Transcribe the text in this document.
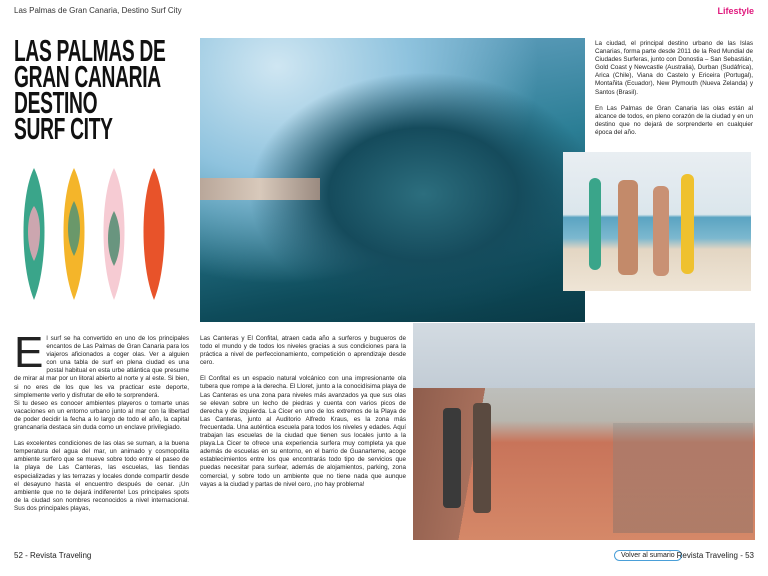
Las Palmas de Gran Canaria, Destino Surf City	Lifestyle
LAS PALMAS DE
GRAN CANARIA
DESTINO
SURF CITY

La ciudad, el principal destino urbano de las Islas Canarias, forma parte desde 2011 de la Red Mundial de Ciudades Surferas, junto con Donostia – San Sebastián, Gold Coast y Newcastle (Australia), Durban (Sudáfrica), Arica (Chile), Viana do Castelo y Ericeira (Portugal), Montañita (Ecuador), New Plymouth (Nueva Zelanda) y Santos (Brasil).

En Las Palmas de Gran Canaria las olas están al alcance de todos, en pleno corazón de la ciudad y en un destino que no dejará de sorprenderte en cualquier época del año.

El surf se ha convertido en uno de los principales encantos de Las Palmas de Gran Canaria para los viajeros aficionados a coger olas. Ver a alguien con una tabla de surf en plena ciudad es una postal habitual en esta urbe atlántica que presume de mirar al mar por un litoral abierto al norte y al este. Si bien, si no eres de los que les va practicar este deporte, simplemente verlo y disfrutar de ello te sorprenderá.
Si tu deseo es conocer ambientes playeros o tomarte unas vacaciones en un entorno urbano junto al mar con la libertad de poder decidir la fecha a lo largo de todo el año, la capital grancanaria destaca sin duda como un enclave privilegiado.

Las excelentes condiciones de las olas se suman, a la buena temperatura del agua del mar, un animado y cosmopolita ambiente surfero que se mueve sobre todo entre el paseo de la playa de Las Canteras, las escuelas, las tiendas especializadas y las terrazas y locales donde compartir desde el desayuno hasta el encuentro después de cenar. ¡Un ambiente que no te dejará indiferente! Los principales spots de la ciudad son nombres reconocidos a nivel internacional. Sus dos principales playas,

Las Canteras y El Confital, atraen cada año a surferos y bugueros de todo el mundo y de todos los niveles gracias a sus condiciones para la práctica a nivel de perfeccionamiento, competición o aprendizaje desde cero.

El Confital es un espacio natural volcánico con una impresionante ola tubera que rompe a la derecha. El Lloret, junto a la conocidísima playa de Las Canteras es una zona para niveles más avanzados ya que sus olas se elevan sobre un lecho de piedras y cuenta con varios picos de derecha y de izquierda. La Cicer en uno de los extremos de la Playa de Las Canteras, junto al Auditorio Alfredo Kraus, es la zona más frecuentada. Una auténtica escuela para todos los niveles y edades. Aquí trabajan las escuelas de la ciudad que tienen sus locales junto a la playa.La Cicer te ofrece una experiencia surfera muy completa ya que además de escuelas en su entorno, en el barrio de Guanarteme, acoge establecimientos entre los que encontrarás todo tipo de servicios que puedas necesitar para surfear, además de alojamientos, parking, zona comercial, y sobre todo un ambiente que no tiene nada que aunque vayas a la ciudad y partas de nivel cero, ¡no hay problema!

52 - Revista Traveling	Volver al sumario Revista Traveling - 53
